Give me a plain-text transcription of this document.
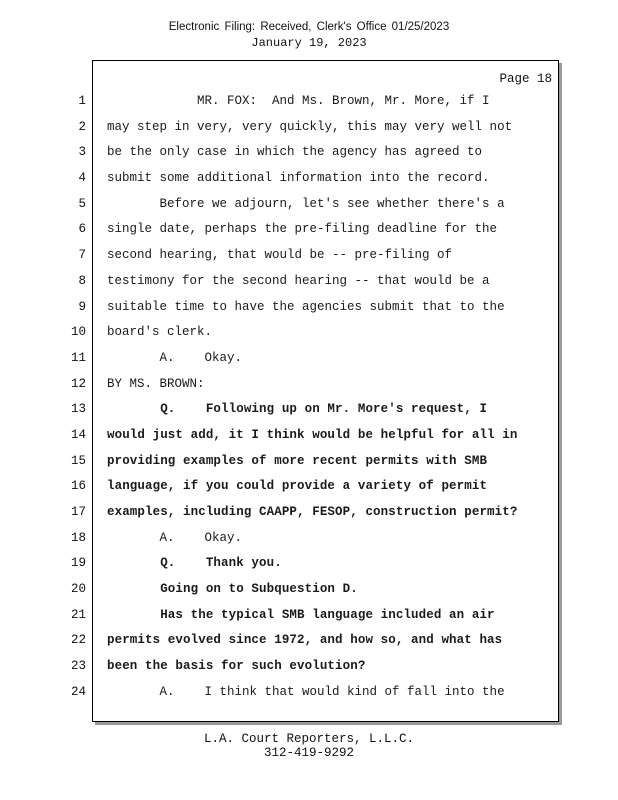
Electronic Filing: Received, Clerk's Office 01/25/2023
January 19, 2023
Page 18
1
2
3
4
5
6
7
8
9
10
11
12
13
14
15
16
17
18
19
20
21
22
23
24
MR. FOX:  And Ms. Brown, Mr. More, if I
may step in very, very quickly, this may very well not
be the only case in which the agency has agreed to
submit some additional information into the record.
Before we adjourn, let's see whether there's a
single date, perhaps the pre-filing deadline for the
second hearing, that would be -- pre-filing of
testimony for the second hearing -- that would be a
suitable time to have the agencies submit that to the
board's clerk.
A.    Okay.
BY MS. BROWN:
Q.    Following up on Mr. More's request, I
would just add, it I think would be helpful for all in
providing examples of more recent permits with SMB
language, if you could provide a variety of permit
examples, including CAAPP, FESOP, construction permit?
A.    Okay.
Q.    Thank you.
Going on to Subquestion D.
Has the typical SMB language included an air
permits evolved since 1972, and how so, and what has
been the basis for such evolution?
A.    I think that would kind of fall into the
L.A. Court Reporters, L.L.C.
312-419-9292
